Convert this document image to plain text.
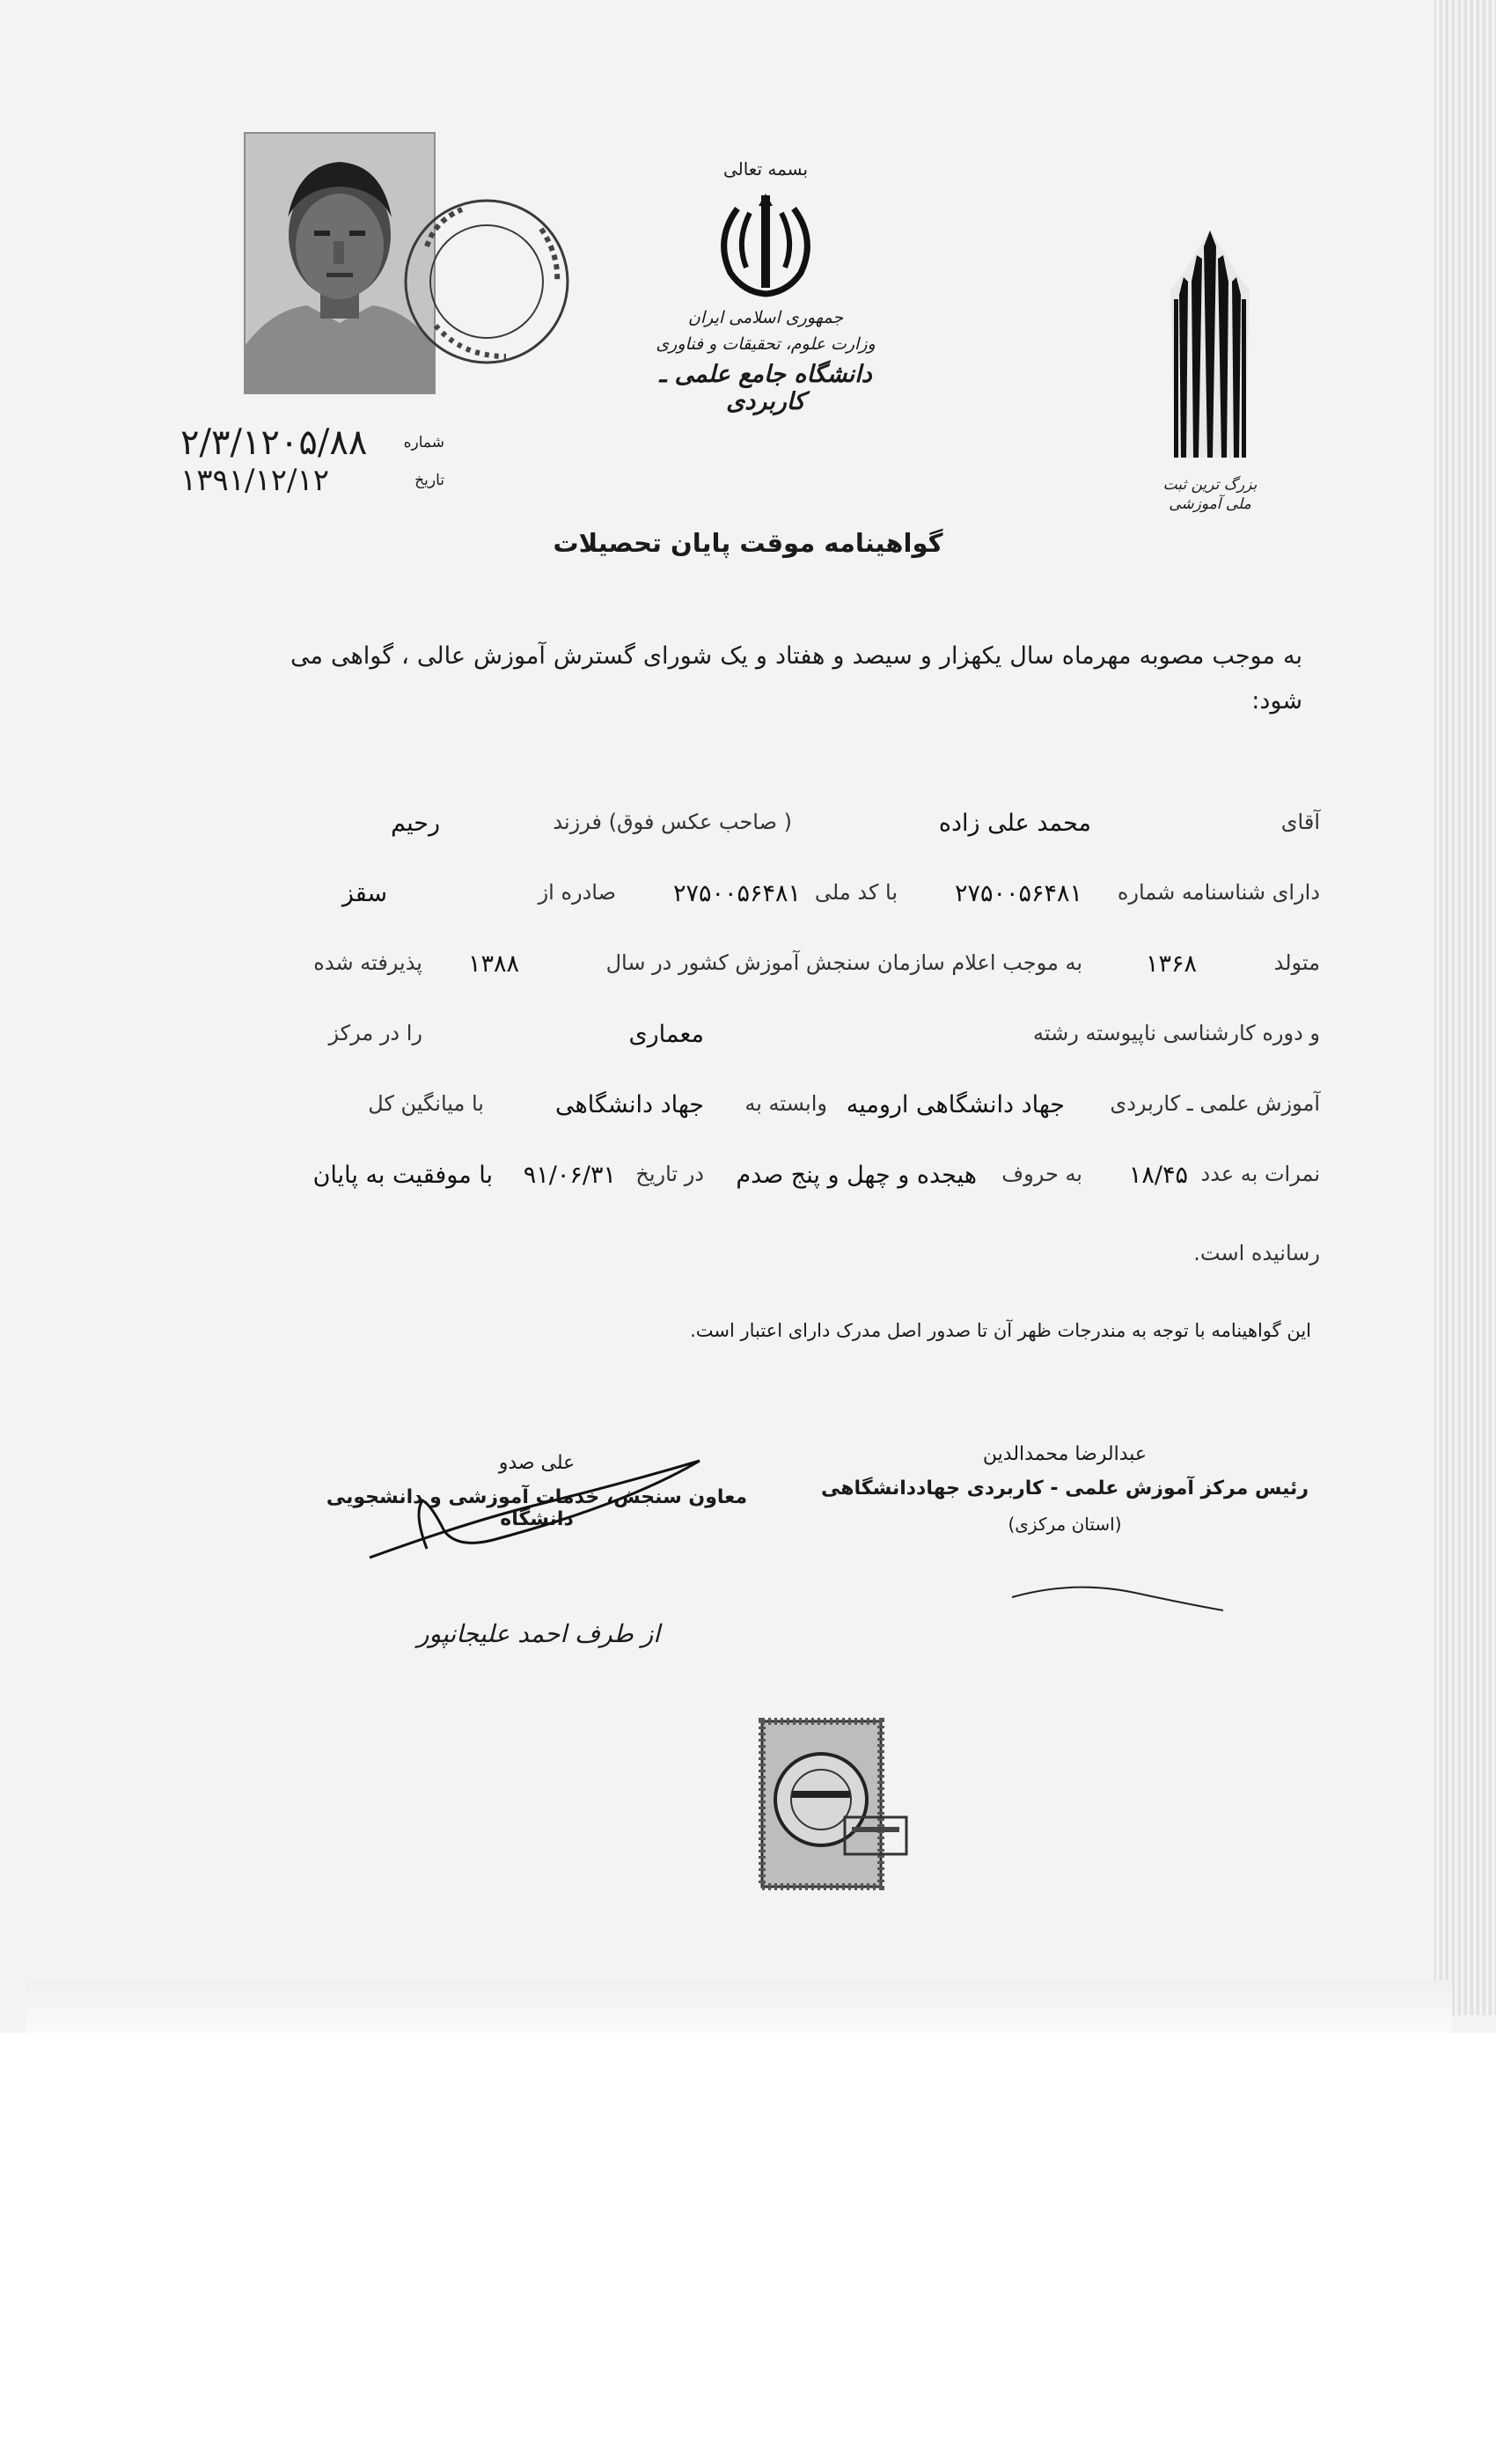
بسمه تعالی
جمهوری اسلامی ایران
وزارت علوم، تحقیقات و فناوری
دانشگاه جامع علمی ـ کاربردی
بزرگ‌ ترین ثبت ملی آموزشی
۲/۳/۱۲۰۵/۸۸ شماره
۱۳۹۱/۱۲/۱۲	تاریخ
گواهینامه موقت پایان تحصیلات
به موجب مصوبه مهرماه سال یکهزار و سیصد و هفتاد و یک شورای گسترش آموزش عالی ، گواهی می شود:
آقای
محمد علی زاده
( صاحب عکس فوق) فرزند
رحیم
دارای شناسنامه شماره
۲۷۵۰۰۵۶۴۸۱
با کد ملی
۲۷۵۰۰۵۶۴۸۱
صادره از
سقز
متولد
۱۳۶۸
به موجب اعلام سازمان سنجش آموزش کشور در سال
۱۳۸۸
پذیرفته شده
و دوره کارشناسی ناپیوسته رشته
معماری
را در مرکز
آموزش علمی ـ کاربردی
جهاد دانشگاهی ارومیه
وابسته به
جهاد دانشگاهی
با میانگین کل
نمرات به عدد
۱۸/۴۵
به حروف
هیجده و چهل و پنج صدم
در تاریخ
۹۱/۰۶/۳۱
با موفقیت به پایان
رسانیده است.
این گواهینامه با توجه به مندرجات ظهر آن تا صدور اصل مدرک دارای اعتبار است.
عبدالرضا محمدالدین
رئیس مرکز آموزش علمی - کاربردی جهاددانشگاهی
(استان مرکزی)
علی صدو
معاون سنجش، خدمات آموزشی و دانشجویی دانشگاه
از طرف احمد علیجانپور
